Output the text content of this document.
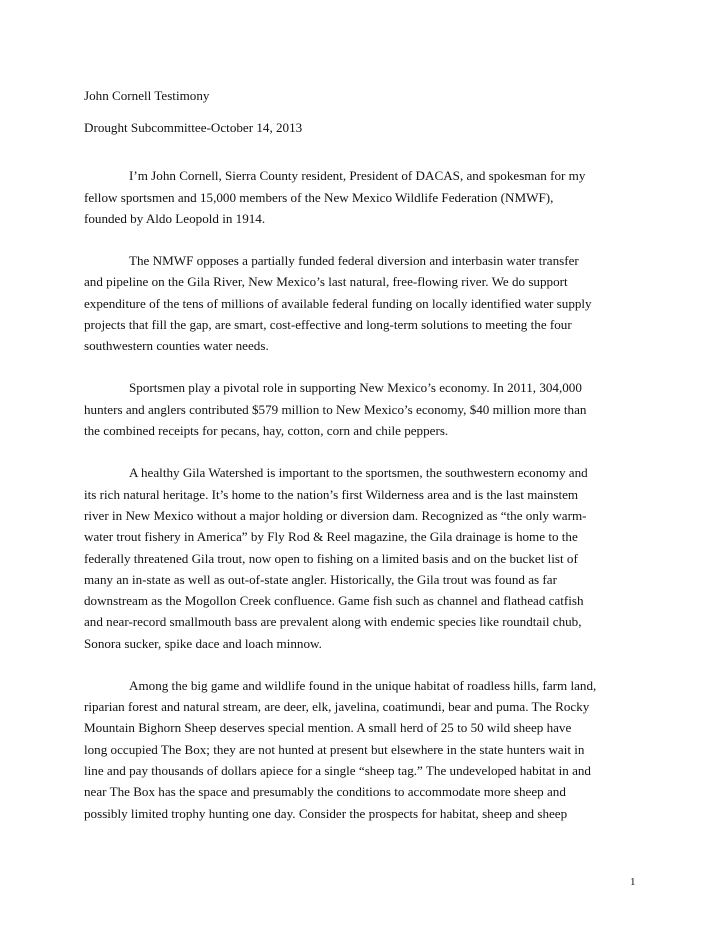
John Cornell Testimony
Drought Subcommittee-October 14, 2013
I’m John Cornell, Sierra County resident, President of DACAS, and spokesman for my
fellow sportsmen and 15,000 members of the New Mexico Wildlife Federation (NMWF),
founded by Aldo Leopold in 1914.
The NMWF opposes a partially funded federal diversion and interbasin water transfer
and pipeline on the Gila River, New Mexico’s last natural, free-flowing river. We do support
expenditure of the tens of millions of available federal funding on locally identified water supply
projects that fill the gap, are smart, cost-effective and long-term solutions to meeting the four
southwestern counties water needs.
Sportsmen play a pivotal role in supporting New Mexico’s economy. In 2011, 304,000
hunters and anglers contributed $579 million to New Mexico’s economy, $40 million more than
the combined receipts for pecans, hay, cotton, corn and chile peppers.
A healthy Gila Watershed is important to the sportsmen, the southwestern economy and
its rich natural heritage. It’s home to the nation’s first Wilderness area and is the last mainstem
river in New Mexico without a major holding or diversion dam. Recognized as “the only warm-
water trout fishery in America” by Fly Rod & Reel magazine, the Gila drainage is home to the
federally threatened Gila trout, now open to fishing on a limited basis and on the bucket list of
many an in-state as well as out-of-state angler. Historically, the Gila trout was found as far
downstream as the Mogollon Creek confluence. Game fish such as channel and flathead catfish
and near-record smallmouth bass are prevalent along with endemic species like roundtail chub,
Sonora sucker, spike dace and loach minnow.
Among the big game and wildlife found in the unique habitat of roadless hills, farm land,
riparian forest and natural stream, are deer, elk, javelina, coatimundi, bear and puma. The Rocky
Mountain Bighorn Sheep deserves special mention. A small herd of 25 to 50 wild sheep have
long occupied The Box; they are not hunted at present but elsewhere in the state hunters wait in
line and pay thousands of dollars apiece for a single “sheep tag.” The undeveloped habitat in and
near The Box has the space and presumably the conditions to accommodate more sheep and
possibly limited trophy hunting one day. Consider the prospects for habitat, sheep and sheep
1
